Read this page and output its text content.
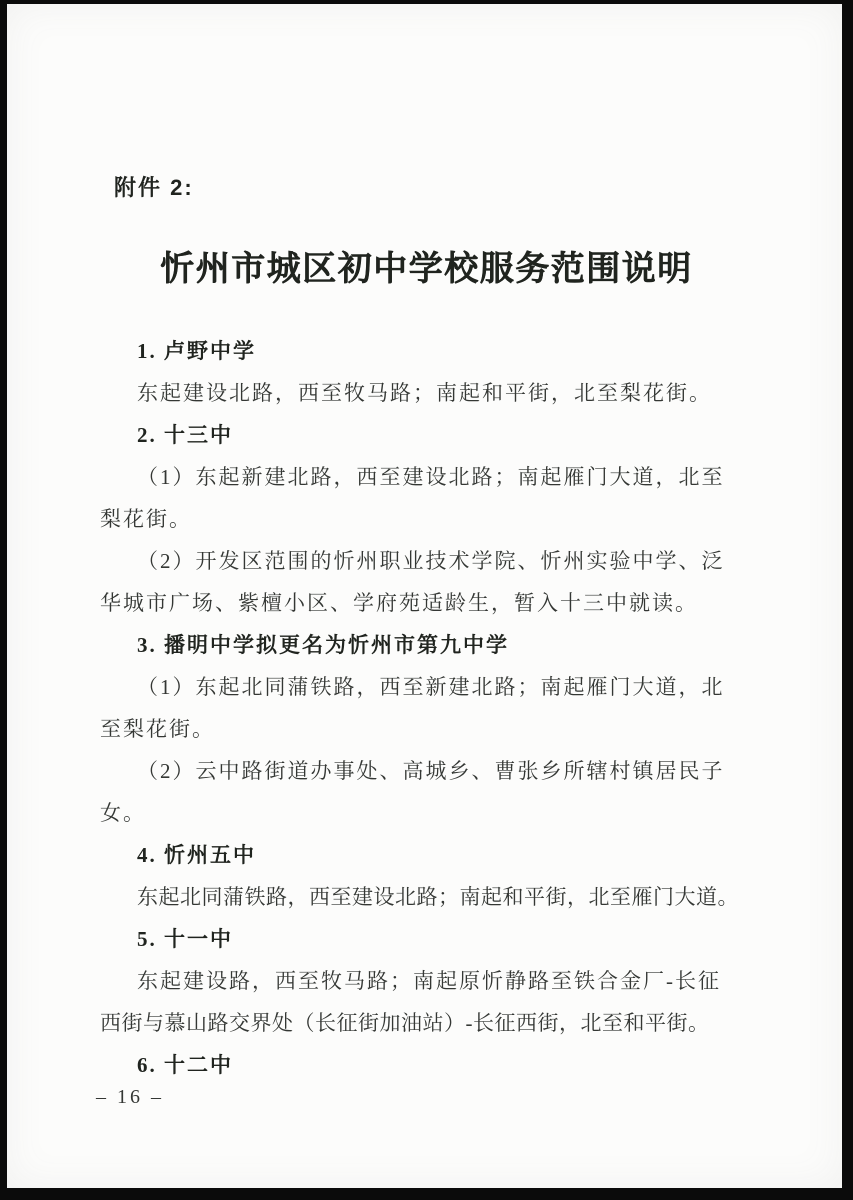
附件 2:
忻州市城区初中学校服务范围说明
1. 卢野中学
东起建设北路，西至牧马路；南起和平街，北至梨花街。
2. 十三中
（1）东起新建北路，西至建设北路；南起雁门大道，北至
梨花街。
（2）开发区范围的忻州职业技术学院、忻州实验中学、泛
华城市广场、紫檀小区、学府苑适龄生，暂入十三中就读。
3. 播明中学拟更名为忻州市第九中学
（1）东起北同蒲铁路，西至新建北路；南起雁门大道，北
至梨花街。
（2）云中路街道办事处、高城乡、曹张乡所辖村镇居民子
女。
4. 忻州五中
东起北同蒲铁路，西至建设北路；南起和平街，北至雁门大道。
5. 十一中
东起建设路，西至牧马路；南起原忻静路至铁合金厂-长征
西街与慕山路交界处（长征街加油站）-长征西街，北至和平街。
6. 十二中
– 16 –
